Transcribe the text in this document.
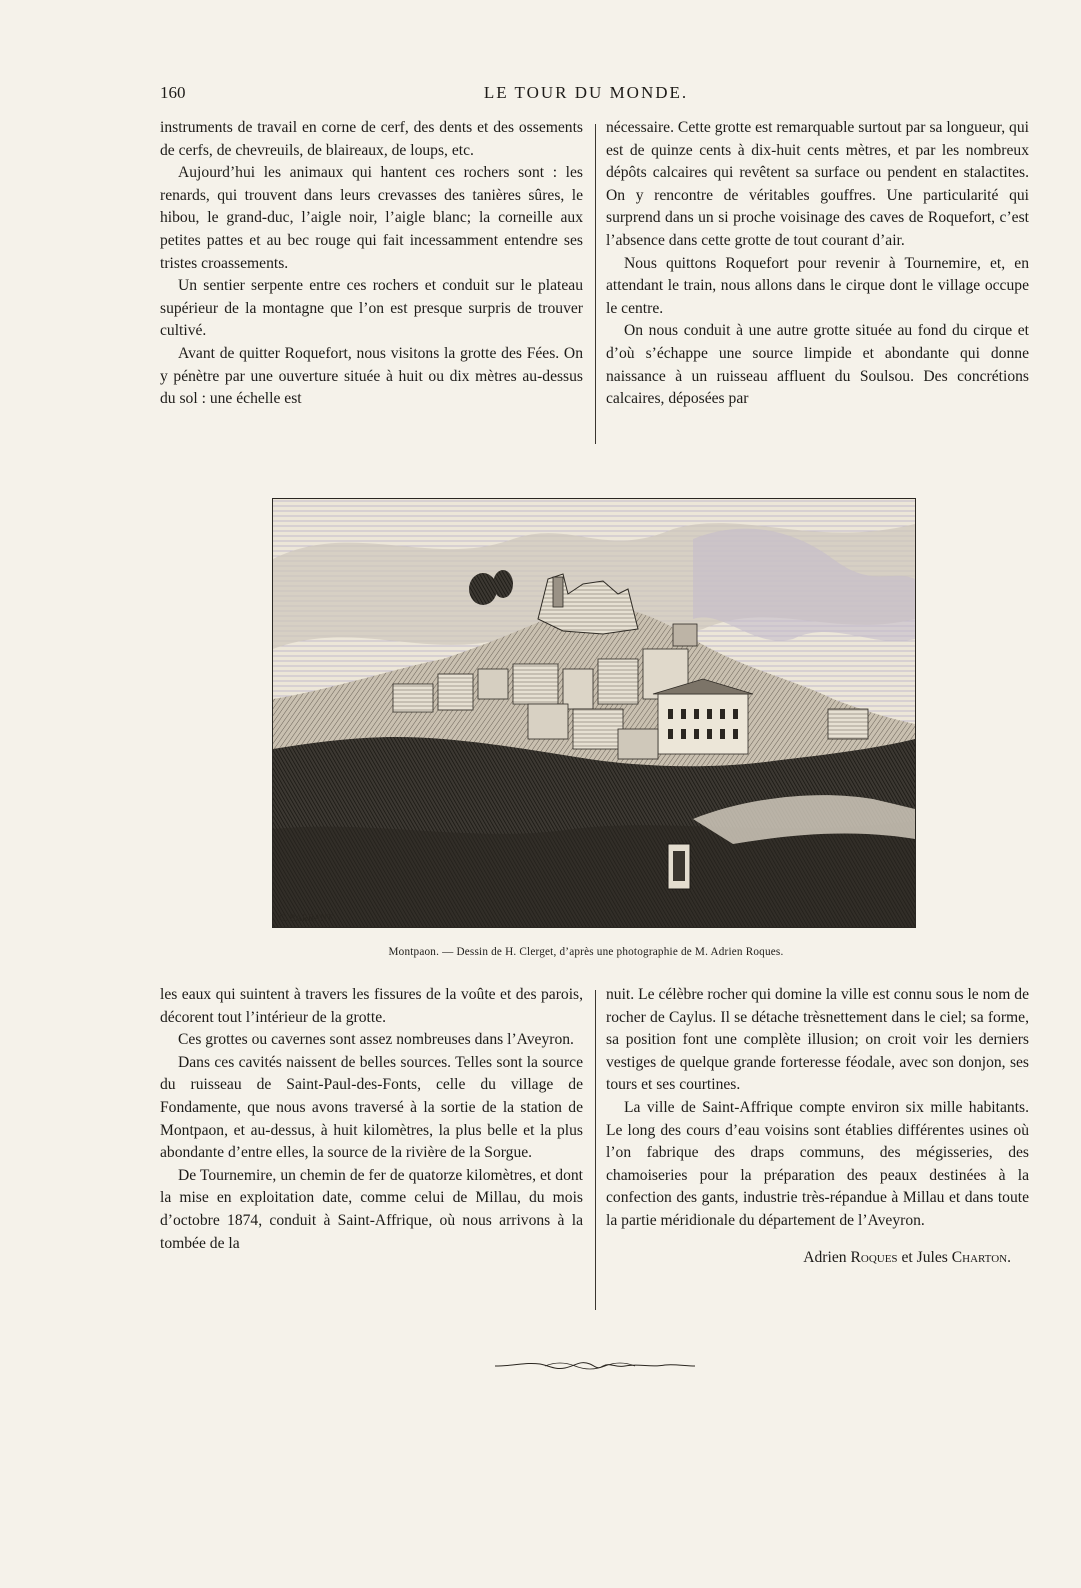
160	LE TOUR DU MONDE.

instruments de travail en corne de cerf, des dents et des ossements de cerfs, de chevreuils, de blaireaux, de loups, etc.

Aujourd’hui les animaux qui hantent ces rochers sont : les renards, qui trouvent dans leurs crevasses des tanières sûres, le hibou, le grand-duc, l’aigle noir, l’aigle blanc; la corneille aux petites pattes et au bec rouge qui fait incessamment entendre ses tristes croassements.

Un sentier serpente entre ces rochers et conduit sur le plateau supérieur de la montagne que l’on est presque surpris de trouver cultivé.

Avant de quitter Roquefort, nous visitons la grotte des Fées. On y pénètre par une ouverture située à huit ou dix mètres au-dessus du sol : une échelle est

nécessaire. Cette grotte est remarquable surtout par sa longueur, qui est de quinze cents à dix-huit cents mètres, et par les nombreux dépôts calcaires qui revêtent sa surface ou pendent en stalactites. On y rencontre de véritables gouffres. Une particularité qui surprend dans un si proche voisinage des caves de Roquefort, c’est l’absence dans cette grotte de tout courant d’air.

Nous quittons Roquefort pour revenir à Tournemire, et, en attendant le train, nous allons dans le cirque dont le village occupe le centre.

On nous conduit à une autre grotte située au fond du cirque et d’où s’échappe une source limpide et abondante qui donne naissance à un ruisseau affluent du Soulsou. Des concrétions calcaires, déposées par

C. BARBANT
Montpaon. — Dessin de H. Clerget, d’après une photographie de M. Adrien Roques.

les eaux qui suintent à travers les fissures de la voûte et des parois, décorent tout l’intérieur de la grotte.

Ces grottes ou cavernes sont assez nombreuses dans l’Aveyron.

Dans ces cavités naissent de belles sources. Telles sont la source du ruisseau de Saint-Paul-des-Fonts, celle du village de Fondamente, que nous avons traversé à la sortie de la station de Montpaon, et au-dessus, à huit kilomètres, la plus belle et la plus abondante d’entre elles, la source de la rivière de la Sorgue.

De Tournemire, un chemin de fer de quatorze kilomètres, et dont la mise en exploitation date, comme celui de Millau, du mois d’octobre 1874, conduit à Saint-Affrique, où nous arrivons à la tombée de la

nuit. Le célèbre rocher qui domine la ville est connu sous le nom de rocher de Caylus. Il se détache trèsnettement dans le ciel; sa forme, sa position font une complète illusion; on croit voir les derniers vestiges de quelque grande forteresse féodale, avec son donjon, ses tours et ses courtines.

La ville de Saint-Affrique compte environ six mille habitants. Le long des cours d’eau voisins sont établies différentes usines où l’on fabrique des draps communs, des mégisseries, des chamoiseries pour la préparation des peaux destinées à la confection des gants, industrie très-répandue à Millau et dans toute la partie méridionale du département de l’Aveyron.

Adrien Roques et Jules Charton.
